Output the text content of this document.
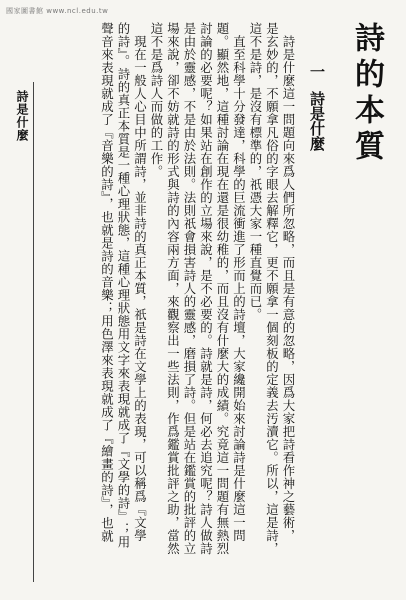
國家圖書館 www.ncl.edu.tw
詩的本質
一詩是什麼
　詩是什麼這一問題向來爲人們所忽略，而且是有意的忽略，因爲大家把詩看作神之藝術，
是玄妙的，不願拿凡俗的字眼去解釋它，更不願拿一個刻板的定義去汚瀆它。所以，這是詩，
這不是詩，是沒有標準的，祇憑大家一種直覺而已。
　直至科學十分發達，科學的巨流衝進了形而上的詩壇，大家纔開始來討論詩是什麼這一問
題。顯然地，這種討論在現在還是很幼稚的，而且沒有什麼大的成績。究竟這一問題有無熱烈
討論的必要呢？如果站在創作的立場來說，是不必要的。詩就是詩，何必去追究呢？詩人做詩
是由於靈感，不是由於法則。法則祇會損害詩人的靈感，磨損了詩。但是站在鑑賞的批評的立
場來說，卻不妨就詩的形式與詩的內容兩方面，來觀察出一些法則，作爲鑑賞批評之助，當然
這不是爲詩人而做的工作。
　現在一般人心目中所謂詩，並非詩的真正本質，祇是詩在文學上的表現，可以稱爲『文學
的詩』。詩的真正本質是一種心理狀態，這種心理狀態用文字來表現就成了『文學的詩』；用
聲音來表現就成了『音樂的詩』，也就是詩的音樂；用色澤來表現就成了『繪畫的詩』，也就
詩是什麼
